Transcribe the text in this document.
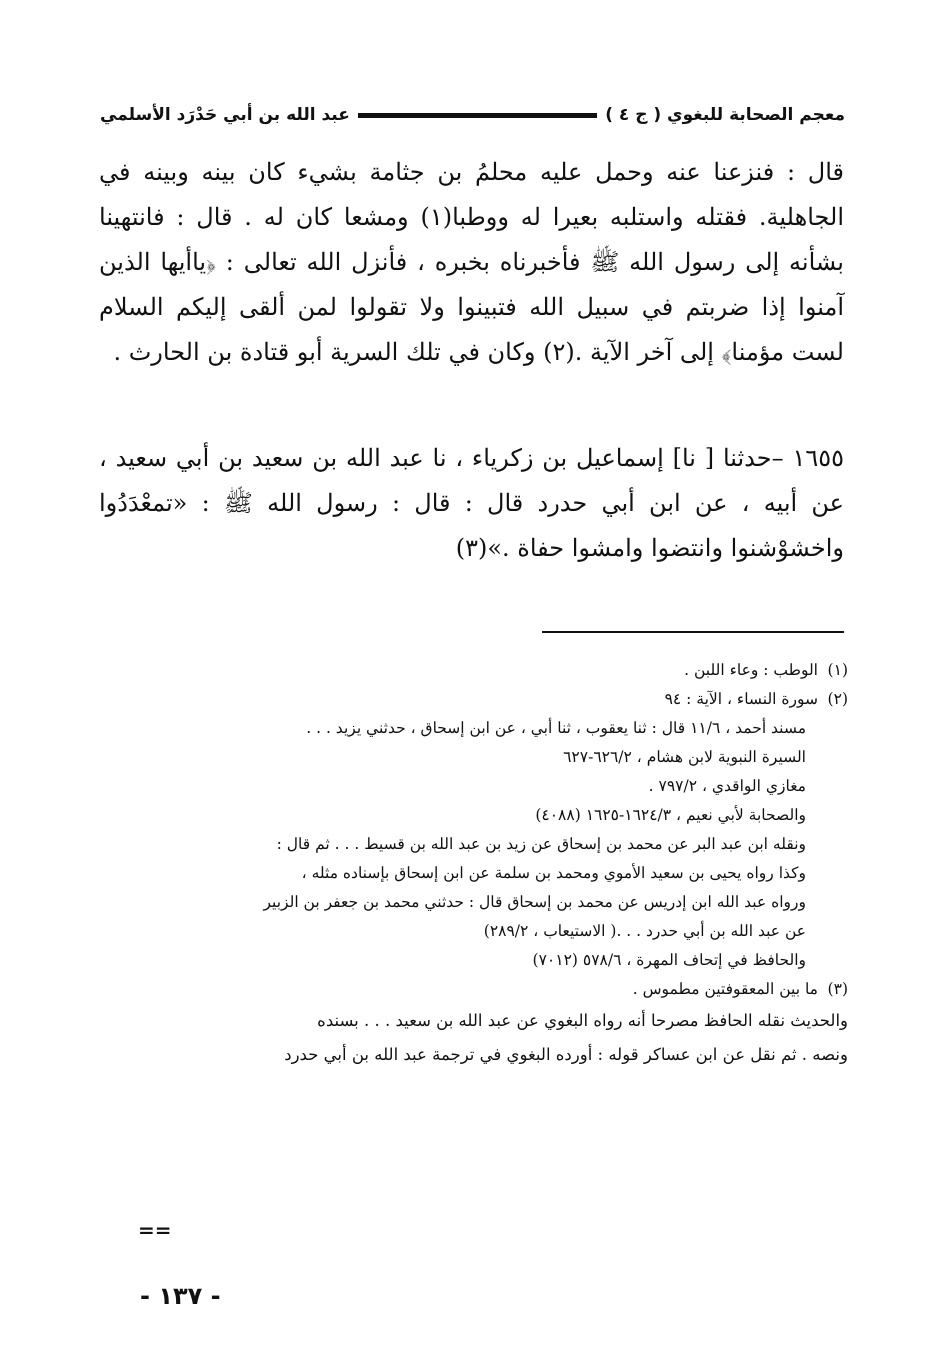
معجم الصحابة للبغوي ( ج ٤ )
عبد الله بن أبي حَدْرَد الأسلمي

قال : فنزعنا عنه وحمل عليه محلمُ بن جثامة بشيء كان بينه وبينه في الجاهلية. فقتله واستلبه بعيرا له ووطبا(١) ومشعا كان له . قال : فانتهينا بشأنه إلى رسول الله ﷺ فأخبرناه بخبره ، فأنزل الله تعالى : ﴿ياأيها الذين آمنوا إذا ضربتم في سبيل الله فتبينوا ولا تقولوا لمن ألقى إليكم السلام لست مؤمنا﴾ إلى آخر الآية .(٢) وكان في تلك السرية أبو قتادة بن الحارث .

١٦٥٥ –حدثنا [ نا] إسماعيل بن زكرياء ، نا عبد الله بن سعيد بن أبي سعيد ، عن أبيه ، عن ابن أبي حدرد قال : قال : رسول الله ﷺ : «تمعْدَدُوا واخشوْشنوا وانتضوا وامشوا حفاة .»(٣)

(١)الوطب : وعاء اللبن .
(٢)سورة النساء ، الآية : ٩٤
مسند أحمد ، ١١/٦ قال : ثنا يعقوب ، ثنا أبي ، عن ابن إسحاق ، حدثني يزيد . . .
السيرة النبوية لابن هشام ، ٦٢٦/٢-٦٢٧
مغازي الواقدي ، ٧٩٧/٢ .
والصحابة لأبي نعيم ، ١٦٢٤/٣-١٦٢٥ (٤٠٨٨)
ونقله ابن عبد البر عن محمد بن إسحاق عن زيد بن عبد الله بن قسيط . . . ثم قال :
وكذا رواه يحيى بن سعيد الأموي ومحمد بن سلمة عن ابن إسحاق بإسناده مثله ،
ورواه عبد الله ابن إدريس عن محمد بن إسحاق قال : حدثني محمد بن جعفر بن الزبير
عن عبد الله بن أبي حدرد . . .( الاستيعاب ، ٢٨٩/٢)
والحافظ في إتحاف المهرة ، ٥٧٨/٦ (٧٠١٢)
(٣)ما بين المعقوفتين مطموس .
والحديث نقله الحافظ مصرحا أنه رواه البغوي عن عبد الله بن سعيد . . . بسنده
ونصه . ثم نقل عن ابن عساكر قوله : أورده البغوي في ترجمة عبد الله بن أبي حدرد
==
- ١٣٧ -
